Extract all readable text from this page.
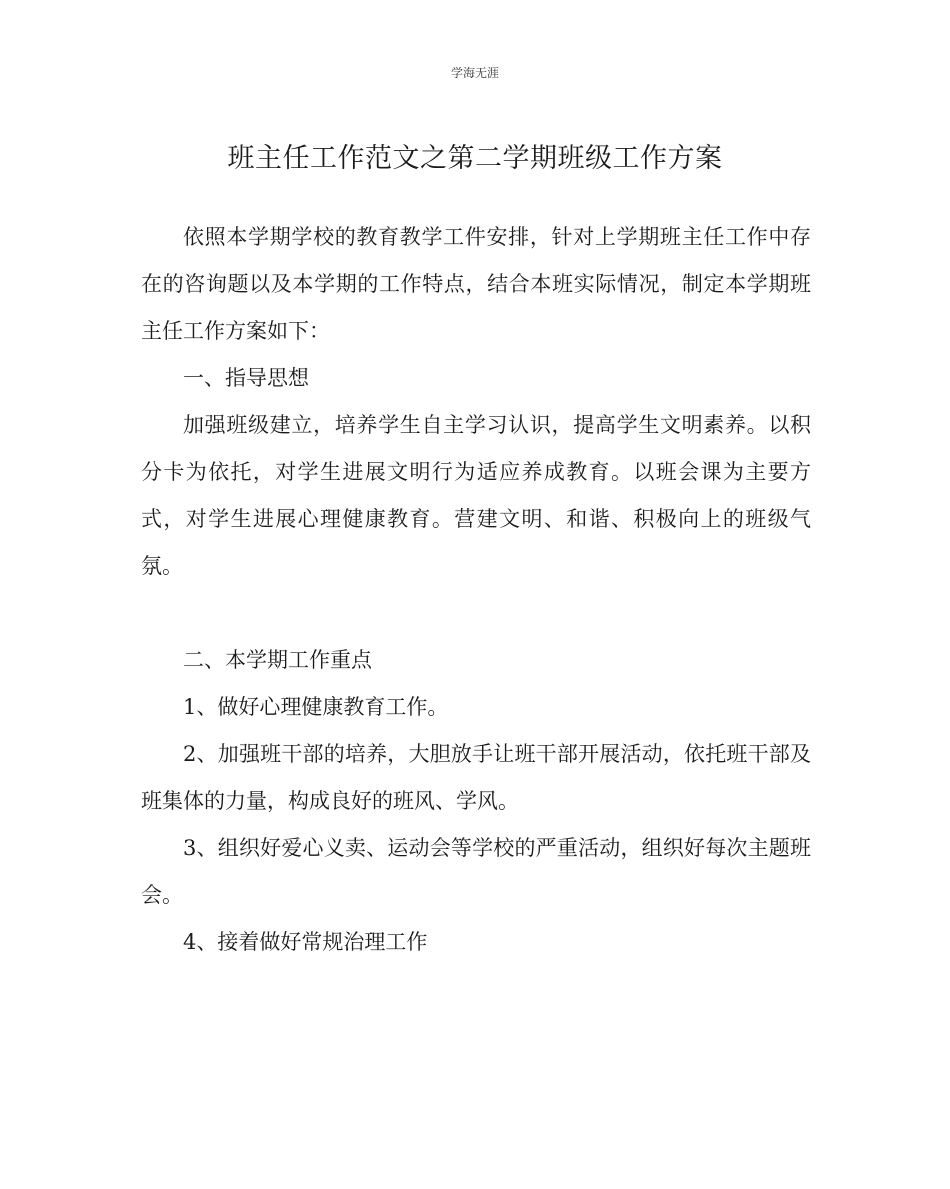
学海无涯
班主任工作范文之第二学期班级工作方案

依照本学期学校的教育教学工件安排，针对上学期班主任工作中存在的咨询题以及本学期的工作特点，结合本班实际情况，制定本学期班主任工作方案如下：

一、指导思想

加强班级建立，培养学生自主学习认识，提高学生文明素养。以积分卡为依托，对学生进展文明行为适应养成教育。以班会课为主要方式，对学生进展心理健康教育。营建文明、和谐、积极向上的班级气氛。

二、本学期工作重点

1、做好心理健康教育工作。

2、加强班干部的培养，大胆放手让班干部开展活动，依托班干部及班集体的力量，构成良好的班风、学风。

3、组织好爱心义卖、运动会等学校的严重活动，组织好每次主题班会。

4、接着做好常规治理工作
